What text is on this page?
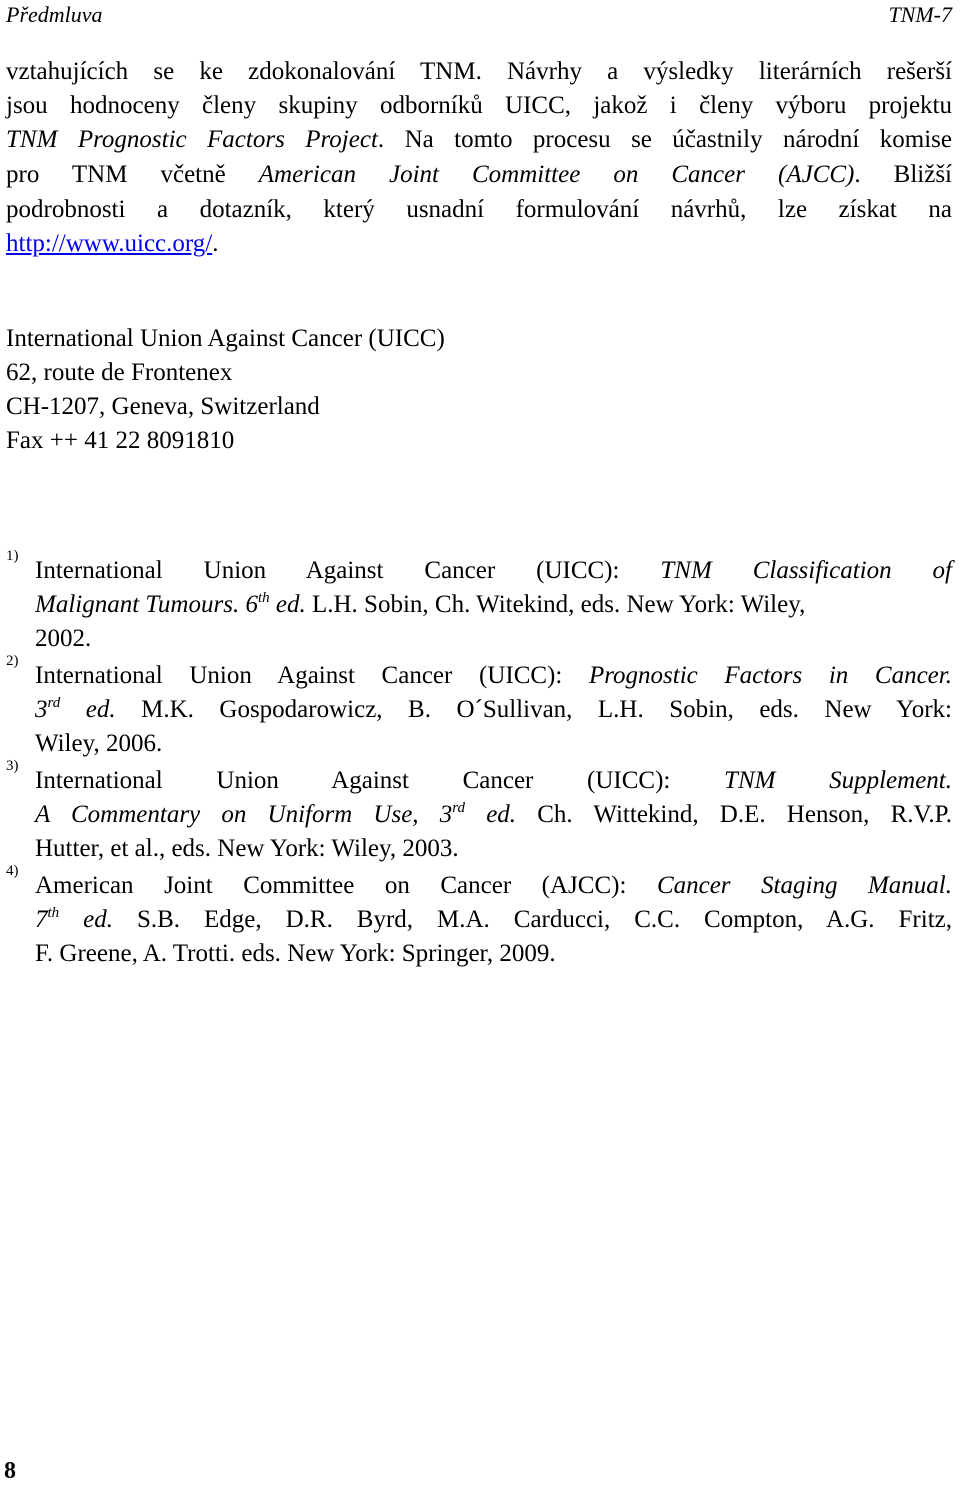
Předmluva	TNM-7
vztahujících se ke zdokonalování TNM. Návrhy a výsledky literárních rešerší
jsou hodnoceny členy skupiny odborníků UICC, jakož i členy výboru projektu
TNM Prognostic Factors Project. Na tomto procesu se účastnily národní komise
pro TNM včetně American Joint Committee on Cancer (AJCC). Bližší
podrobnosti a dotazník, který usnadní formulování návrhů, lze získat na
http://www.uicc.org/.
International Union Against Cancer (UICC)
62, route de Frontenex
CH-1207, Geneva, Switzerland
Fax ++ 41 22 8091810
1)
International Union Against Cancer (UICC): TNM Classification of
Malignant Tumours. 6th ed. L.H. Sobin, Ch. Witekind, eds. New York: Wiley,
2002.
2)
International Union Against Cancer (UICC): Prognostic Factors in Cancer.
3rd ed. M.K. Gospodarowicz, B. O´Sullivan, L.H. Sobin, eds. New York:
Wiley, 2006.
3)
International Union Against Cancer (UICC): TNM Supplement.
A Commentary on Uniform Use, 3rd ed. Ch. Wittekind, D.E. Henson, R.V.P.
Hutter, et al., eds. New York: Wiley, 2003.
4)
American Joint Committee on Cancer (AJCC): Cancer Staging Manual.
7th ed. S.B. Edge, D.R. Byrd, M.A. Carducci, C.C. Compton, A.G. Fritz,
F. Greene, A. Trotti. eds. New York: Springer, 2009.
8
